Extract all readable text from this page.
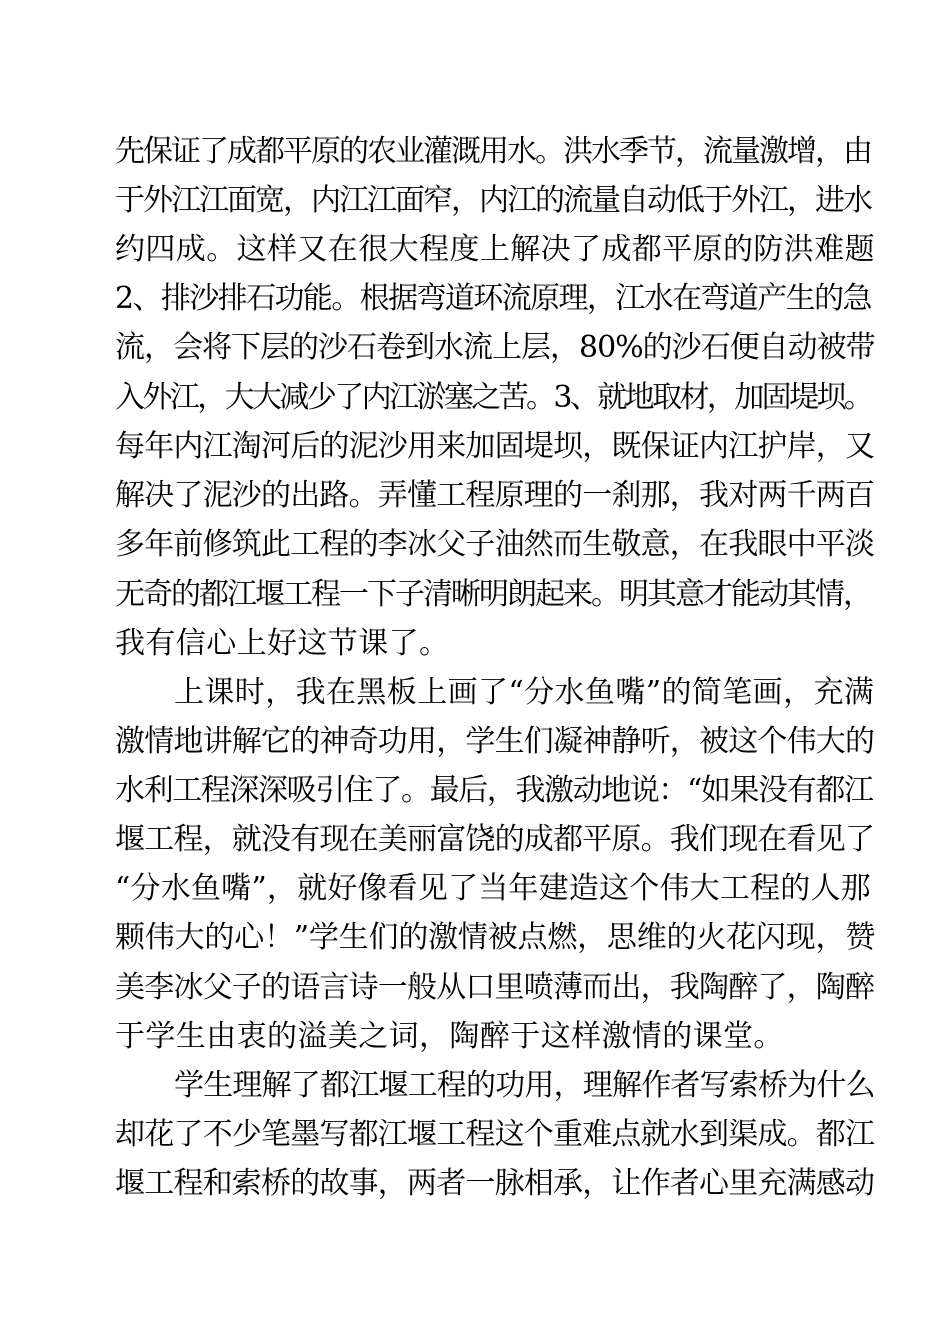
先保证了成都平原的农业灌溉用水。洪水季节，流量激增，由
于外江江面宽，内江江面窄，内江的流量自动低于外江，进水
约四成。这样又在很大程度上解决了成都平原的防洪难题
2、排沙排石功能。根据弯道环流原理，江水在弯道产生的急
流，会将下层的沙石卷到水流上层，80%的沙石便自动被带
入外江，大大减少了内江淤塞之苦。3、就地取材，加固堤坝。
每年内江淘河后的泥沙用来加固堤坝，既保证内江护岸，又
解决了泥沙的出路。弄懂工程原理的一刹那，我对两千两百
多年前修筑此工程的李冰父子油然而生敬意，在我眼中平淡
无奇的都江堰工程一下子清晰明朗起来。明其意才能动其情，
我有信心上好这节课了。
上课时，我在黑板上画了“分水鱼嘴”的简笔画，充满
激情地讲解它的神奇功用，学生们凝神静听，被这个伟大的
水利工程深深吸引住了。最后，我激动地说：“如果没有都江
堰工程，就没有现在美丽富饶的成都平原。我们现在看见了
“分水鱼嘴”，就好像看见了当年建造这个伟大工程的人那
颗伟大的心！”学生们的激情被点燃，思维的火花闪现，赞
美李冰父子的语言诗一般从口里喷薄而出，我陶醉了，陶醉
于学生由衷的溢美之词，陶醉于这样激情的课堂。
学生理解了都江堰工程的功用，理解作者写索桥为什么
却花了不少笔墨写都江堰工程这个重难点就水到渠成。都江
堰工程和索桥的故事，两者一脉相承，让作者心里充满感动
